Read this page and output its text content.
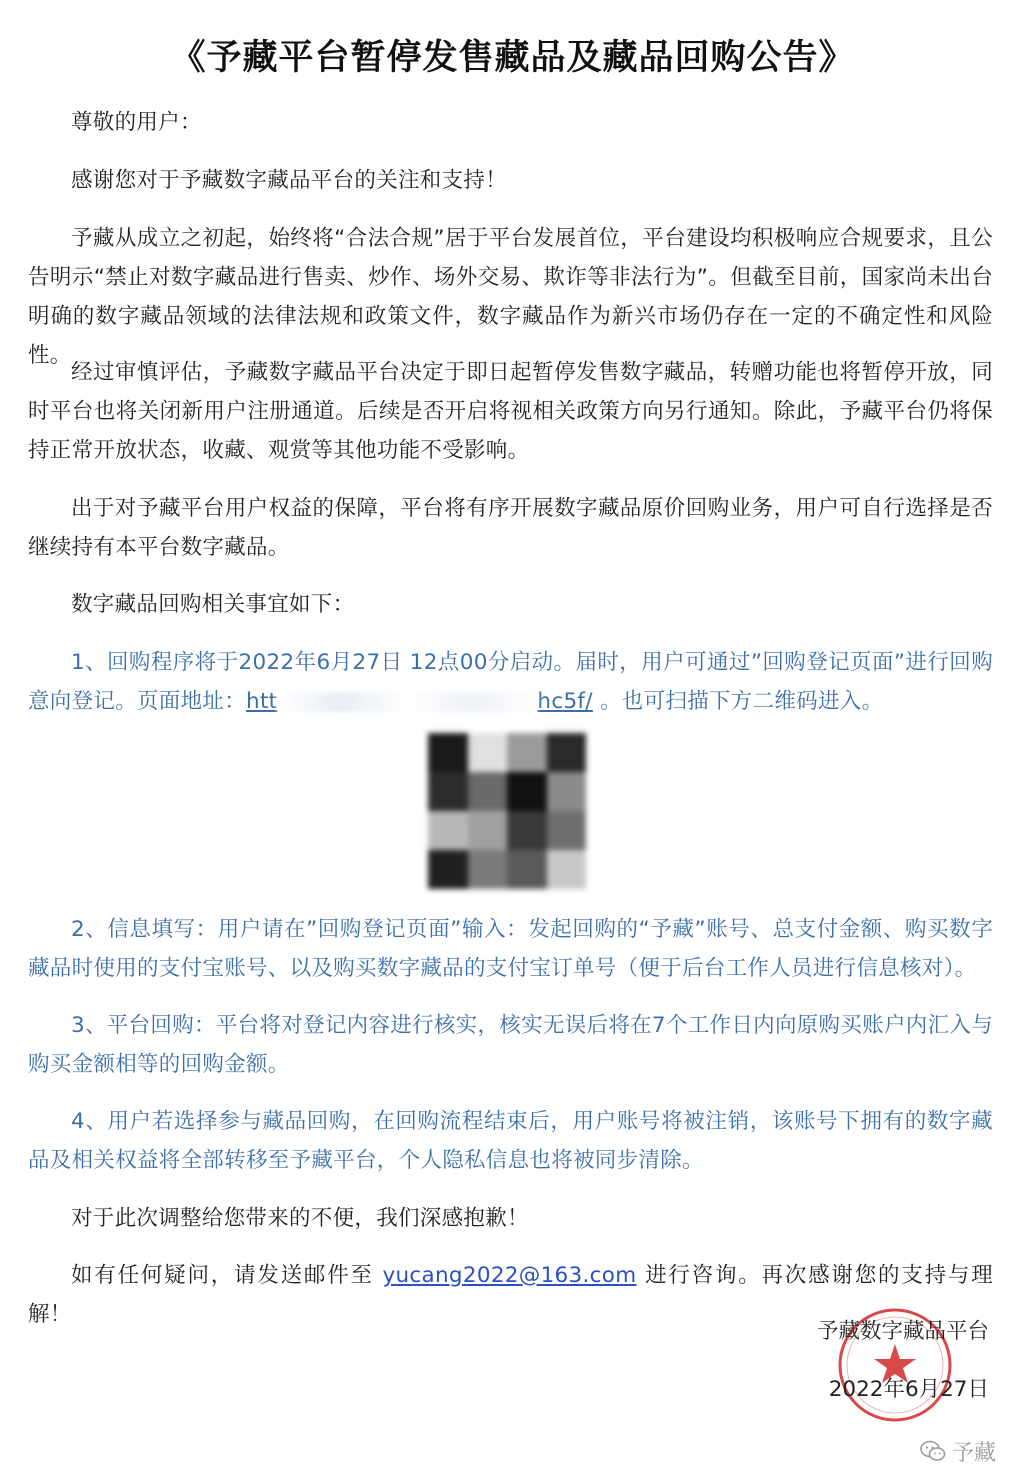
《予藏平台暂停发售藏品及藏品回购公告》

尊敬的用户：

感谢您对于予藏数字藏品平台的关注和支持！

予藏从成立之初起，始终将“合法合规”居于平台发展首位，平台建设均积极响应合规要求，且公告明示“禁止对数字藏品进行售卖、炒作、场外交易、欺诈等非法行为”。但截至目前，国家尚未出台明确的数字藏品领域的法律法规和政策文件，数字藏品作为新兴市场仍存在一定的不确定性和风险性。

经过审慎评估，予藏数字藏品平台决定于即日起暂停发售数字藏品，转赠功能也将暂停开放，同时平台也将关闭新用户注册通道。后续是否开启将视相关政策方向另行通知。除此，予藏平台仍将保持正常开放状态，收藏、观赏等其他功能不受影响。

出于对予藏平台用户权益的保障，平台将有序开展数字藏品原价回购业务，用户可自行选择是否继续持有本平台数字藏品。

数字藏品回购相关事宜如下：

1、回购程序将于2022年6月27日 12点00分启动。届时，用户可通过”回购登记页面”进行回购意向登记。页面地址：htt	hc5f/ 。也可扫描下方二维码进入。

2、信息填写：用户请在”回购登记页面”输入：发起回购的“予藏”账号、总支付金额、购买数字藏品时使用的支付宝账号、以及购买数字藏品的支付宝订单号（便于后台工作人员进行信息核对）。

3、平台回购：平台将对登记内容进行核实，核实无误后将在7个工作日内向原购买账户内汇入与购买金额相等的回购金额。

4、用户若选择参与藏品回购，在回购流程结束后，用户账号将被注销，该账号下拥有的数字藏品及相关权益将全部转移至予藏平台，个人隐私信息也将被同步清除。

对于此次调整给您带来的不便，我们深感抱歉！

如有任何疑问，请发送邮件至 yucang2022@163.com 进行咨询。再次感谢您的支持与理解！

予藏数字藏品平台
2022年6月27日
予藏
